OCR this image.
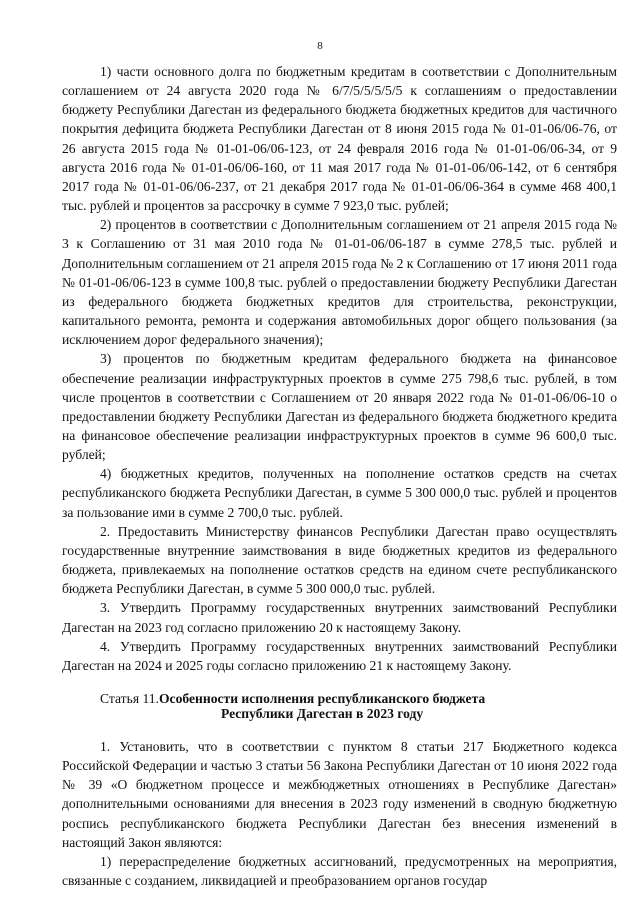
8

1) части основного долга по бюджетным кредитам в соответствии с Дополнительным соглашением от 24 августа 2020 года № 6/7/5/5/5/5/5 к соглашениям о предоставлении бюджету Республики Дагестан из федерального бюджета бюджетных кредитов для частичного покрытия дефицита бюджета Республики Дагестан от 8 июня 2015 года № 01-01-06/06-76, от 26 августа 2015 года № 01-01-06/06-123, от 24 февраля 2016 года № 01-01-06/06-34, от 9 августа 2016 года № 01-01-06/06-160, от 11 мая 2017 года № 01-01-06/06-142, от 6 сентября 2017 года № 01-01-06/06-237, от 21 декабря 2017 года № 01-01-06/06-364 в сумме 468 400,1 тыс. рублей и процентов за рассрочку в сумме 7 923,0 тыс. рублей;

2) процентов в соответствии с Дополнительным соглашением от 21 апреля 2015 года № 3 к Соглашению от 31 мая 2010 года № 01-01-06/06-187 в сумме 278,5 тыс. рублей и Дополнительным соглашением от 21 апреля 2015 года № 2 к Соглашению от 17 июня 2011 года № 01-01-06/06-123 в сумме 100,8 тыс. рублей о предоставлении бюджету Республики Дагестан из федерального бюджета бюджетных кредитов для строительства, реконструкции, капитального ремонта, ремонта и содержания автомобильных дорог общего пользования (за исключением дорог федерального значения);

3) процентов по бюджетным кредитам федерального бюджета на финансовое обеспечение реализации инфраструктурных проектов в сумме 275 798,6 тыс. рублей, в том числе процентов в соответствии с Соглашением от 20 января 2022 года № 01-01-06/06-10 о предоставлении бюджету Республики Дагестан из федерального бюджета бюджетного кредита на финансовое обеспечение реализации инфраструктурных проектов в сумме 96 600,0 тыс. рублей;

4) бюджетных кредитов, полученных на пополнение остатков средств на счетах республиканского бюджета Республики Дагестан, в сумме 5 300 000,0 тыс. рублей и процентов за пользование ими в сумме 2 700,0 тыс. рублей.

2. Предоставить Министерству финансов Республики Дагестан право осуществлять государственные внутренние заимствования в виде бюджетных кредитов из федерального бюджета, привлекаемых на пополнение остатков средств на едином счете республиканского бюджета Республики Дагестан, в сумме 5 300 000,0 тыс. рублей.

3. Утвердить Программу государственных внутренних заимствований Республики Дагестан на 2023 год согласно приложению 20 к настоящему Закону.

4. Утвердить Программу государственных внутренних заимствований Республики Дагестан на 2024 и 2025 годы согласно приложению 21 к настоящему Закону.

Статья 11. Особенности исполнения республиканского бюджета
Республики Дагестан в 2023 году

1. Установить, что в соответствии с пунктом 8 статьи 217 Бюджетного кодекса Российской Федерации и частью 3 статьи 56 Закона Республики Дагестан от 10 июня 2022 года № 39 «О бюджетном процессе и межбюджетных отношениях в Республике Дагестан» дополнительными основаниями для внесения в 2023 году изменений в сводную бюджетную роспись республиканского бюджета Республики Дагестан без внесения изменений в настоящий Закон являются:

1) перераспределение бюджетных ассигнований, предусмотренных на мероприятия, связанные с созданием, ликвидацией и преобразованием органов государ
